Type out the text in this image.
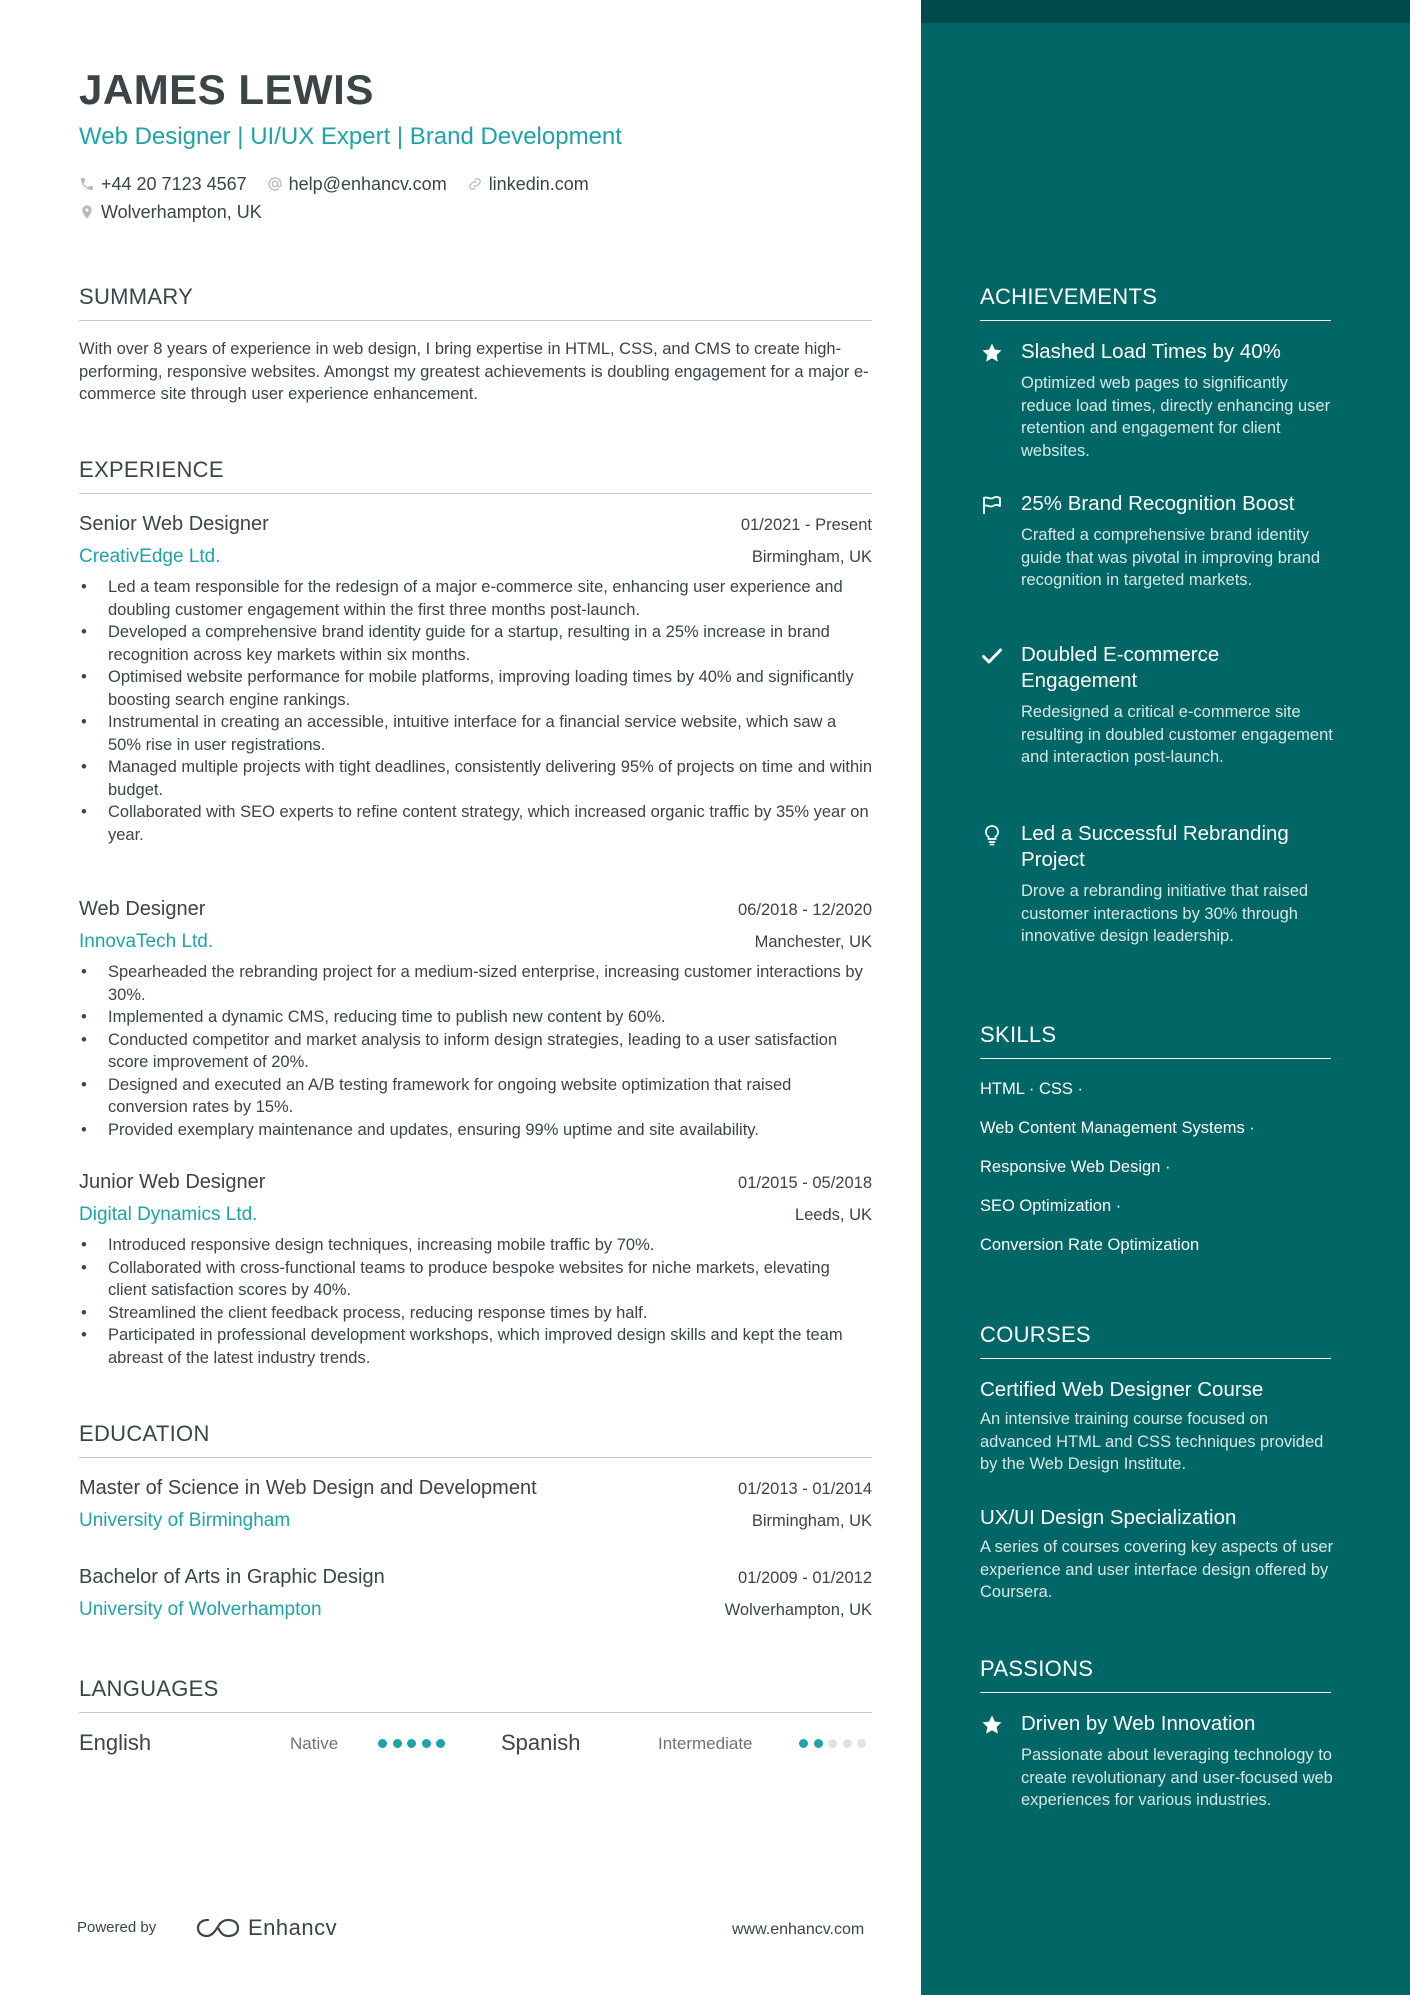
JAMES LEWIS
Web Designer | UI/UX Expert | Brand Development
+44 20 7123 4567 help@enhancv.com linkedin.com
Wolverhampton, UK
SUMMARY
With over 8 years of experience in web design, I bring expertise in HTML, CSS, and CMS to create high-performing, responsive websites. Amongst my greatest achievements is doubling engagement for a major e-commerce site through user experience enhancement.
EXPERIENCE
Senior Web Designer	01/2021 - Present
CreativEdge Ltd.	Birmingham, UK
• Led a team responsible for the redesign of a major e-commerce site, enhancing user experience and doubling customer engagement within the first three months post-launch.
• Developed a comprehensive brand identity guide for a startup, resulting in a 25% increase in brand recognition across key markets within six months.
• Optimised website performance for mobile platforms, improving loading times by 40% and significantly boosting search engine rankings.
• Instrumental in creating an accessible, intuitive interface for a financial service website, which saw a 50% rise in user registrations.
• Managed multiple projects with tight deadlines, consistently delivering 95% of projects on time and within budget.
• Collaborated with SEO experts to refine content strategy, which increased organic traffic by 35% year on year.
Web Designer	06/2018 - 12/2020
InnovaTech Ltd.	Manchester, UK
• Spearheaded the rebranding project for a medium-sized enterprise, increasing customer interactions by 30%.
• Implemented a dynamic CMS, reducing time to publish new content by 60%.
• Conducted competitor and market analysis to inform design strategies, leading to a user satisfaction score improvement of 20%.
• Designed and executed an A/B testing framework for ongoing website optimization that raised conversion rates by 15%.
• Provided exemplary maintenance and updates, ensuring 99% uptime and site availability.
Junior Web Designer	01/2015 - 05/2018
Digital Dynamics Ltd.	Leeds, UK
• Introduced responsive design techniques, increasing mobile traffic by 70%.
• Collaborated with cross-functional teams to produce bespoke websites for niche markets, elevating client satisfaction scores by 40%.
• Streamlined the client feedback process, reducing response times by half.
• Participated in professional development workshops, which improved design skills and kept the team abreast of the latest industry trends.
EDUCATION
Master of Science in Web Design and Development	01/2013 - 01/2014
University of Birmingham	Birmingham, UK
Bachelor of Arts in Graphic Design	01/2009 - 01/2012
University of Wolverhampton	Wolverhampton, UK
LANGUAGES
English	Native	Spanish	Intermediate
Powered by	Enhancv	www.enhancv.com
ACHIEVEMENTS
Slashed Load Times by 40%
Optimized web pages to significantly reduce load times, directly enhancing user retention and engagement for client websites.
25% Brand Recognition Boost
Crafted a comprehensive brand identity guide that was pivotal in improving brand recognition in targeted markets.
Doubled E-commerce Engagement
Redesigned a critical e-commerce site resulting in doubled customer engagement and interaction post-launch.
Led a Successful Rebranding Project
Drove a rebranding initiative that raised customer interactions by 30% through innovative design leadership.
SKILLS
HTML · CSS ·
Web Content Management Systems ·
Responsive Web Design ·
SEO Optimization ·
Conversion Rate Optimization
COURSES
Certified Web Designer Course
An intensive training course focused on advanced HTML and CSS techniques provided by the Web Design Institute.
UX/UI Design Specialization
A series of courses covering key aspects of user experience and user interface design offered by Coursera.
PASSIONS
Driven by Web Innovation
Passionate about leveraging technology to create revolutionary and user-focused web experiences for various industries.
